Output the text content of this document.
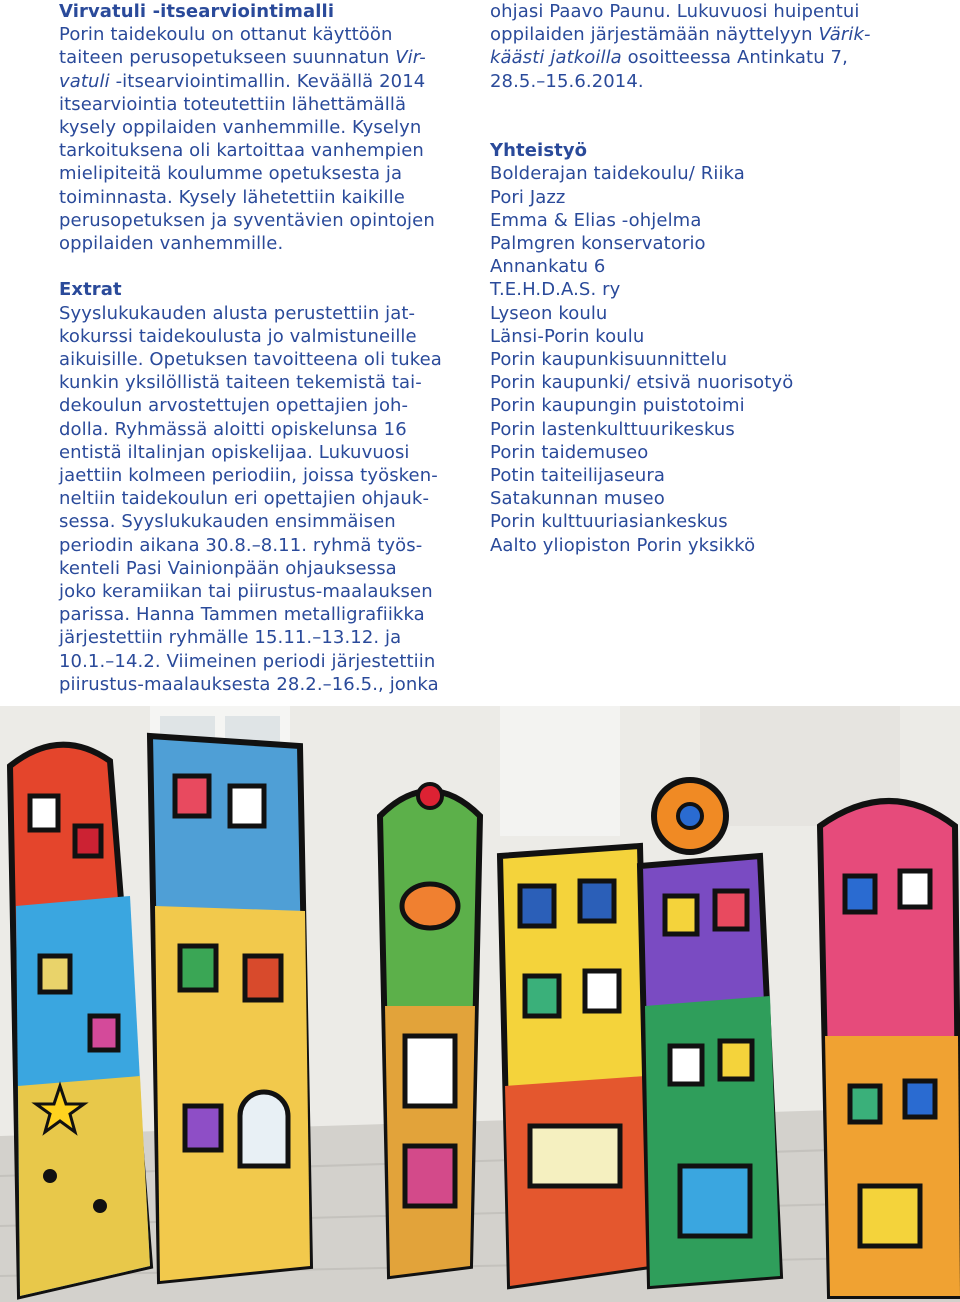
Virvatuli -itsearviointimalli

Porin taidekoulu on ottanut käyttöön

taiteen perusopetukseen suunnatun Vir-

vatuli -itsearviointimallin. Keväällä 2014

itsearviointia toteutettiin lähettämällä

kysely oppilaiden vanhemmille. Kyselyn

tarkoituksena oli kartoittaa vanhempien

mielipiteitä koulumme opetuksesta ja

toiminnasta. Kysely lähetettiin kaikille

perusopetuksen ja syventävien opintojen

oppilaiden vanhemmille.

Extrat

Syyslukukauden alusta perustettiin jat-

kokurssi taidekoulusta jo valmistuneille

aikuisille. Opetuksen tavoitteena oli tukea

kunkin yksilöllistä taiteen tekemistä tai-

dekoulun arvostettujen opettajien joh-

dolla. Ryhmässä aloitti opiskelunsa 16

entistä iltalinjan opiskelijaa. Lukuvuosi

jaettiin kolmeen periodiin, joissa työsken-

neltiin taidekoulun eri opettajien ohjauk-

sessa. Syyslukukauden ensimmäisen

periodin aikana 30.8.–8.11. ryhmä työs-

kenteli Pasi Vainionpään ohjauksessa

joko keramiikan tai piirustus-maalauksen

parissa. Hanna Tammen metalligrafiikka

järjestettiin ryhmälle 15.11.–13.12. ja

10.1.–14.2. Viimeinen periodi järjestettiin

piirustus-maalauksesta 28.2.–16.5., jonka

ohjasi Paavo Paunu. Lukuvuosi huipentui

oppilaiden järjestämään näyttelyyn Värik-

käästi jatkoilla osoitteessa Antinkatu 7,

28.5.–15.6.2014.

Yhteistyö

Bolderajan taidekoulu/ Riika

Pori Jazz

Emma & Elias -ohjelma

Palmgren konservatorio

Annankatu 6

T.E.H.D.A.S. ry

Lyseon koulu

Länsi-Porin koulu

Porin kaupunkisuunnittelu

Porin kaupunki/ etsivä nuorisotyö

Porin kaupungin puistotoimi

Porin lastenkulttuurikeskus

Porin taidemuseo

Potin taiteilijaseura

Satakunnan museo

Porin kulttuuriasiankeskus

Aalto yliopiston Porin yksikkö
